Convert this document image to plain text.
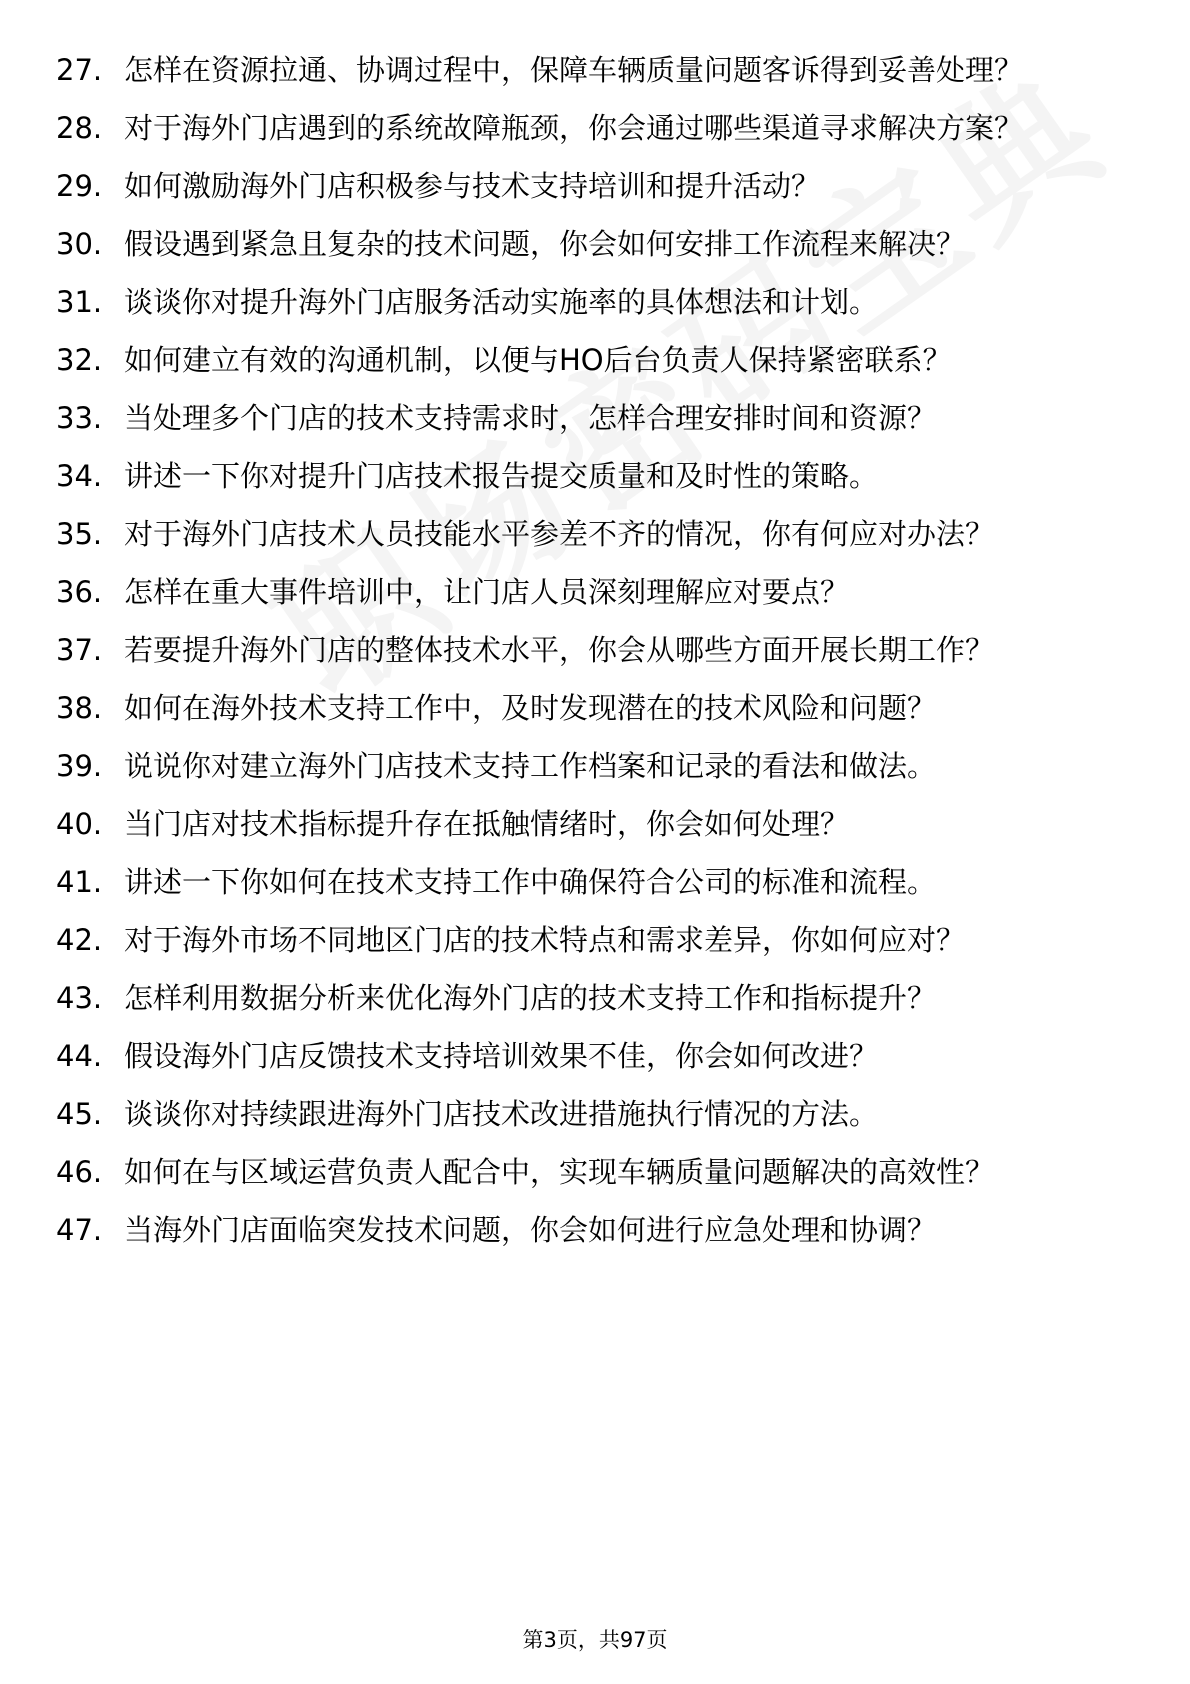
27. 怎样在资源拉通、协调过程中，保障车辆质量问题客诉得到妥善处理？
28. 对于海外门店遇到的系统故障瓶颈，你会通过哪些渠道寻求解决方案？
29. 如何激励海外门店积极参与技术支持培训和提升活动？
30. 假设遇到紧急且复杂的技术问题，你会如何安排工作流程来解决？
31. 谈谈你对提升海外门店服务活动实施率的具体想法和计划。
32. 如何建立有效的沟通机制，以便与HO后台负责人保持紧密联系？
33. 当处理多个门店的技术支持需求时，怎样合理安排时间和资源？
34. 讲述一下你对提升门店技术报告提交质量和及时性的策略。
35. 对于海外门店技术人员技能水平参差不齐的情况，你有何应对办法？
36. 怎样在重大事件培训中，让门店人员深刻理解应对要点？
37. 若要提升海外门店的整体技术水平，你会从哪些方面开展长期工作？
38. 如何在海外技术支持工作中，及时发现潜在的技术风险和问题？
39. 说说你对建立海外门店技术支持工作档案和记录的看法和做法。
40. 当门店对技术指标提升存在抵触情绪时，你会如何处理？
41. 讲述一下你如何在技术支持工作中确保符合公司的标准和流程。
42. 对于海外市场不同地区门店的技术特点和需求差异，你如何应对？
43. 怎样利用数据分析来优化海外门店的技术支持工作和指标提升？
44. 假设海外门店反馈技术支持培训效果不佳，你会如何改进？
45. 谈谈你对持续跟进海外门店技术改进措施执行情况的方法。
46. 如何在与区域运营负责人配合中，实现车辆质量问题解决的高效性？
47. 当海外门店面临突发技术问题，你会如何进行应急处理和协调？
第3页，共97页
